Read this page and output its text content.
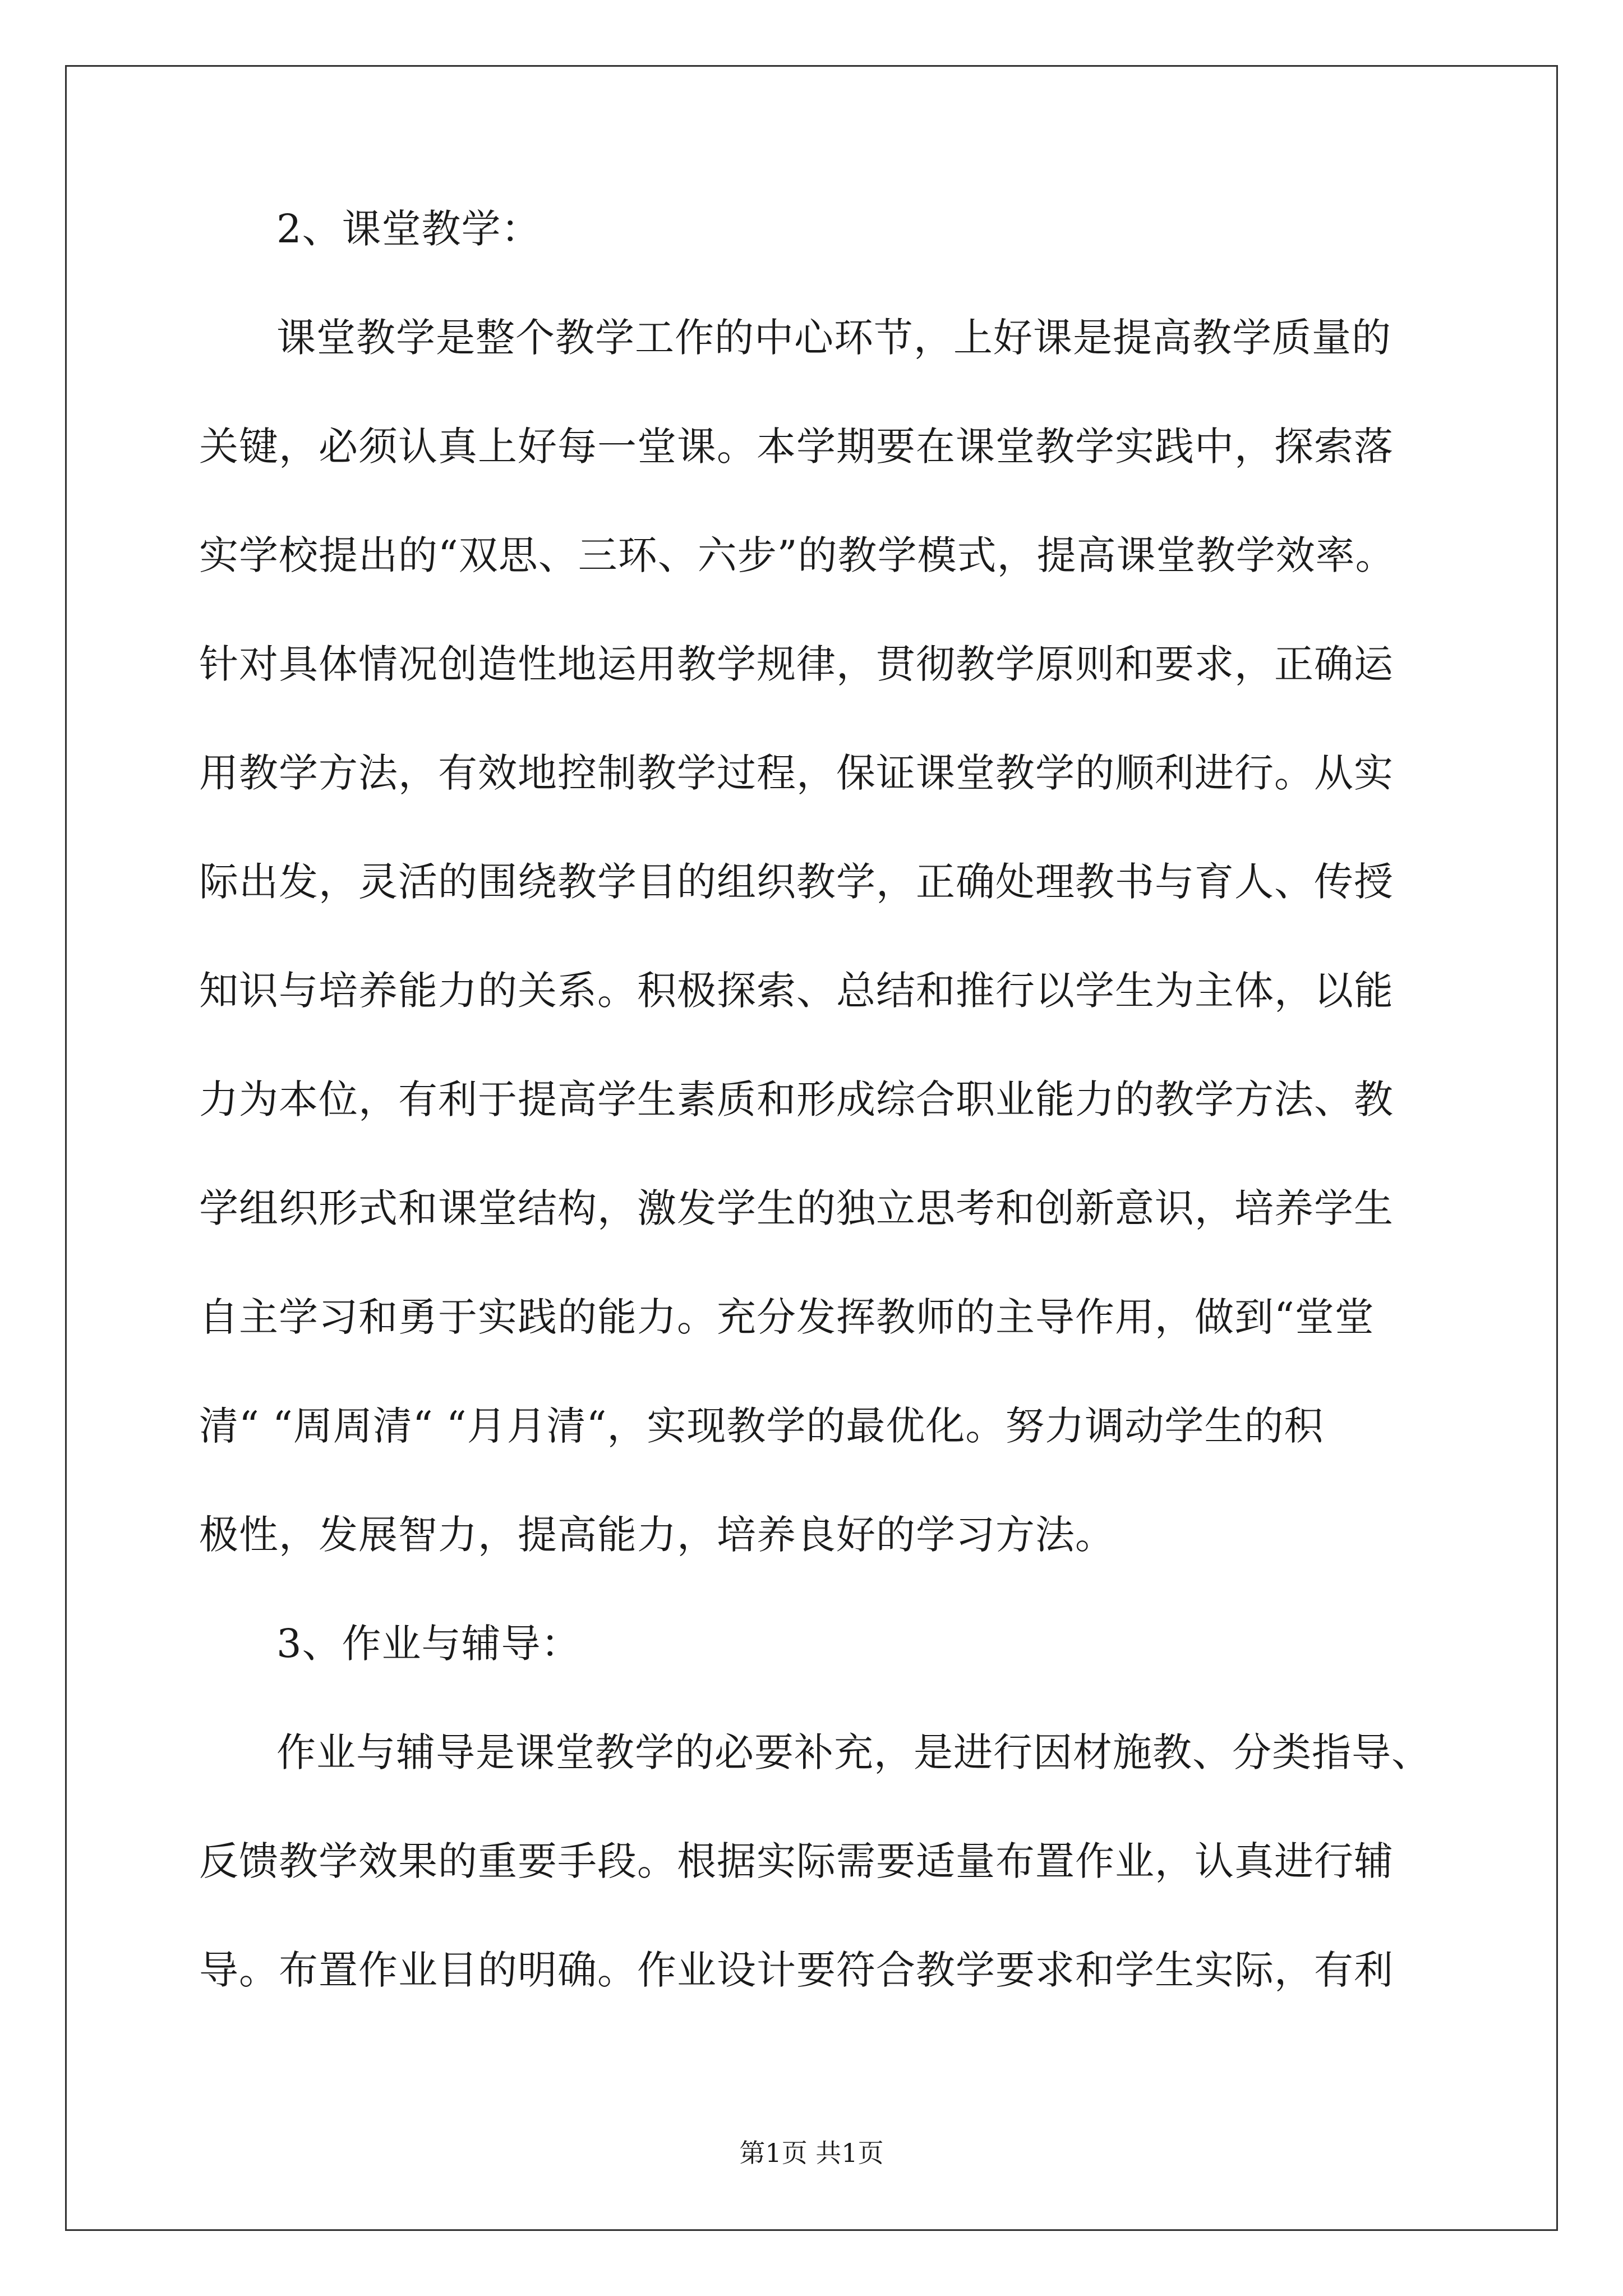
2、课堂教学：
课堂教学是整个教学工作的中心环节，上好课是提高教学质量的
关键，必须认真上好每一堂课。本学期要在课堂教学实践中，探索落
实学校提出的“双思、三环、六步”的教学模式，提高课堂教学效率。
针对具体情况创造性地运用教学规律，贯彻教学原则和要求，正确运
用教学方法，有效地控制教学过程，保证课堂教学的顺利进行。从实
际出发，灵活的围绕教学目的组织教学，正确处理教书与育人、传授
知识与培养能力的关系。积极探索、总结和推行以学生为主体，以能
力为本位，有利于提高学生素质和形成综合职业能力的教学方法、教
学组织形式和课堂结构，激发学生的独立思考和创新意识，培养学生
自主学习和勇于实践的能力。充分发挥教师的主导作用，做到“堂堂
清“ “周周清“ “月月清“，实现教学的最优化。努力调动学生的积
极性，发展智力，提高能力，培养良好的学习方法。
3、作业与辅导：
作业与辅导是课堂教学的必要补充，是进行因材施教、分类指导、
反馈教学效果的重要手段。根据实际需要适量布置作业，认真进行辅
导。布置作业目的明确。作业设计要符合教学要求和学生实际，有利
第1页 共1页
